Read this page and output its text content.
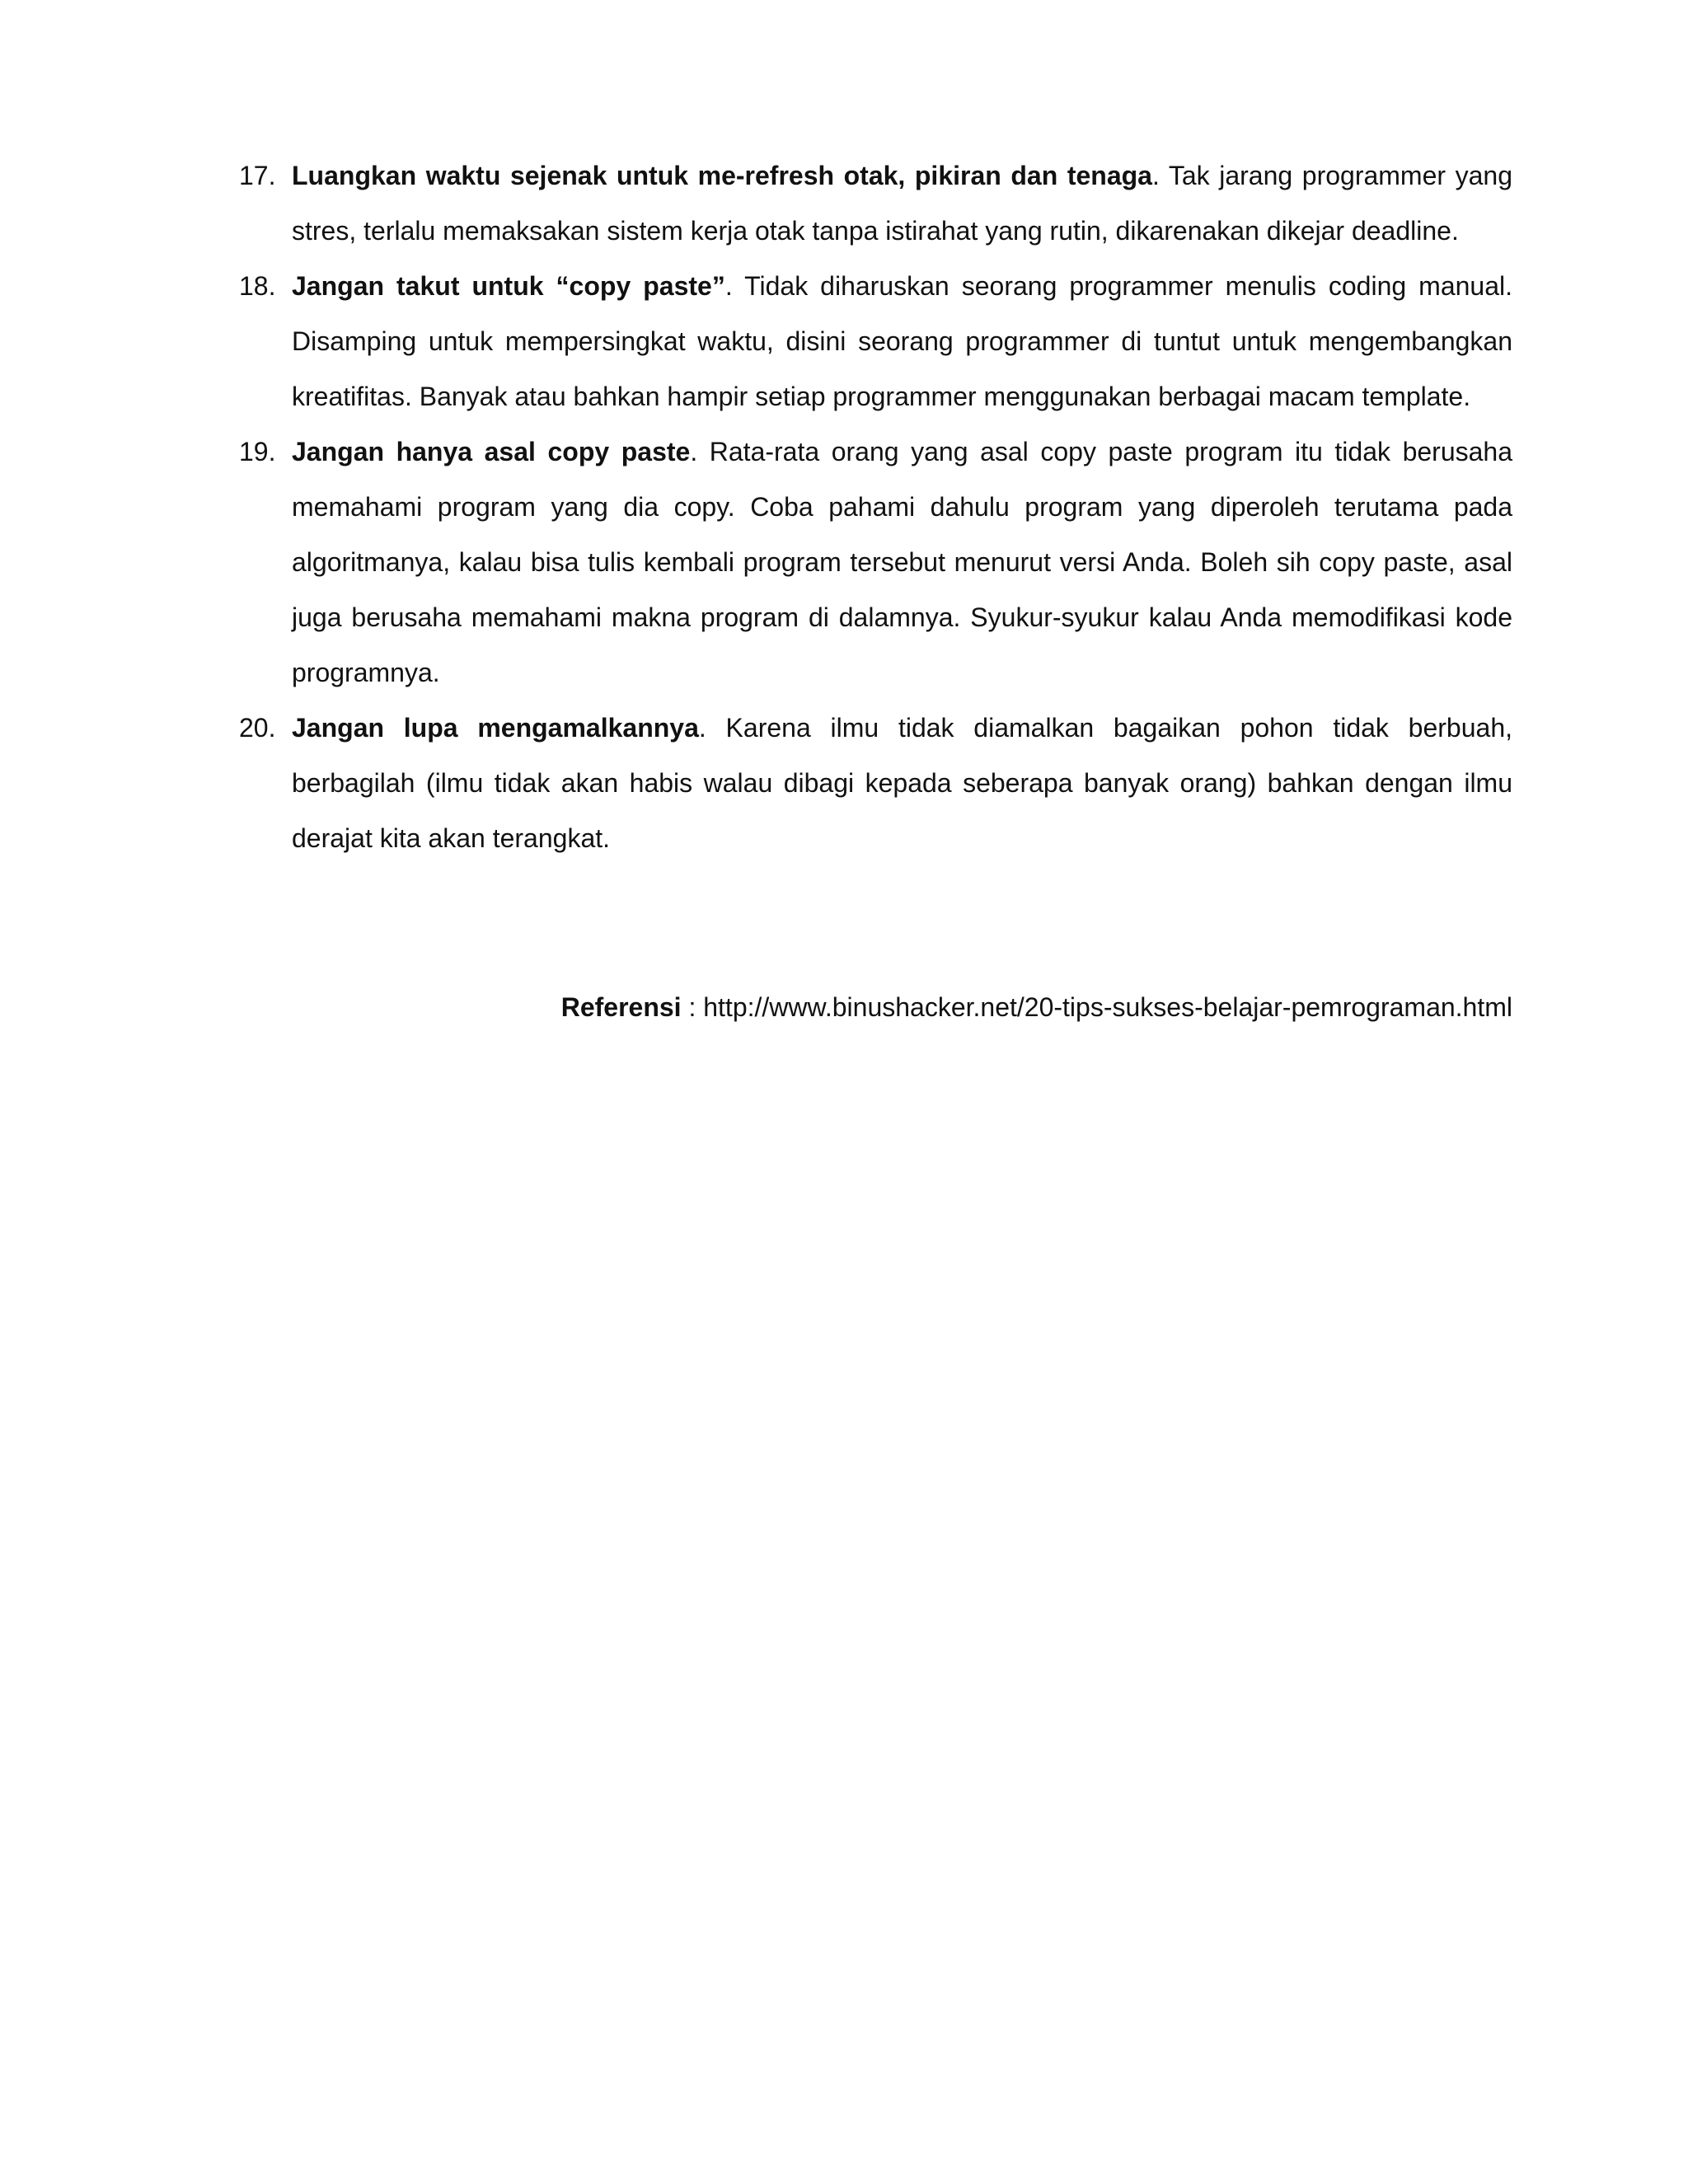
17. Luangkan waktu sejenak untuk me-refresh otak, pikiran dan tenaga. Tak jarang programmer yang stres, terlalu memaksakan sistem kerja otak tanpa istirahat yang rutin, dikarenakan dikejar deadline.
18. Jangan takut untuk “copy paste”. Tidak diharuskan seorang programmer menulis coding manual. Disamping untuk mempersingkat waktu, disini seorang programmer di tuntut untuk mengembangkan kreatifitas. Banyak atau bahkan hampir setiap programmer menggunakan berbagai macam template.
19. Jangan hanya asal copy paste. Rata-rata orang yang asal copy paste program itu tidak berusaha memahami program yang dia copy. Coba pahami dahulu program yang diperoleh terutama pada algoritmanya, kalau bisa tulis kembali program tersebut menurut versi Anda. Boleh sih copy paste, asal juga berusaha memahami makna program di dalamnya. Syukur-syukur kalau Anda memodifikasi kode programnya.
20. Jangan lupa mengamalkannya. Karena ilmu tidak diamalkan bagaikan pohon tidak berbuah, berbagilah (ilmu tidak akan habis walau dibagi kepada seberapa banyak orang) bahkan dengan ilmu derajat kita akan terangkat.
Referensi : http://www.binushacker.net/20-tips-sukses-belajar-pemrograman.html
